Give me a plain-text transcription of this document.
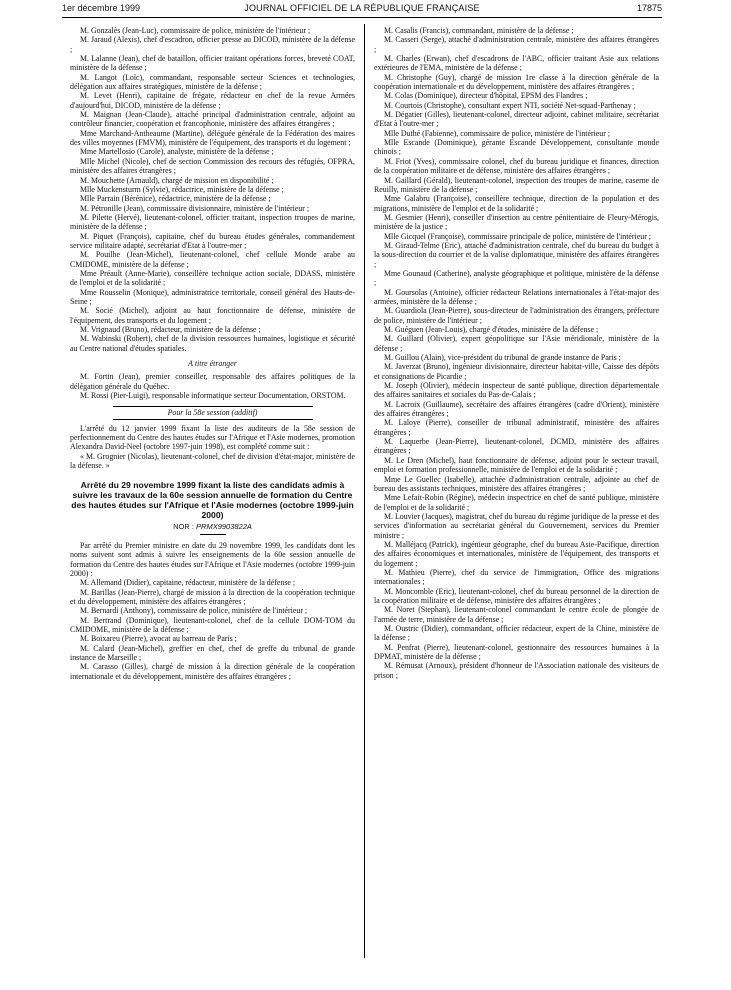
1er décembre 1999	JOURNAL OFFICIEL DE LA RÉPUBLIQUE FRANÇAISE	17875
M. Gonzalès (Jean-Luc), commissaire de police, ministère de l'intérieur ;
M. Jaraud (Alexis), chef d'escadron, officier presse au DICOD, ministère de la défense ;
M. Lalanne (Jean), chef de bataillon, officier traitant opérations forces, breveté COAT, ministère de la défense ;
M. Langot (Loïc), commandant, responsable secteur Sciences et technologies, délégation aux affaires stratégiques, ministère de la défense ;
M. Levet (Henri), capitaine de frégate, rédacteur en chef de la revue Armées d'aujourd'hui, DICOD, ministère de la défense ;
M. Maignan (Jean-Claude), attaché principal d'administration centrale, adjoint au contrôleur financier, coopération et francophonie, ministère des affaires étrangères ;
Mme Marchand-Antheaume (Martine), déléguée générale de la Fédération des maires des villes moyennes (FMVM), ministère de l'équipement, des transports et du logement ;
Mme Martellosio (Carole), analyste, ministère de la défense ;
Mlle Michel (Nicole), chef de section Commission des recours des réfugiés, OFPRA, ministère des affaires étrangères ;
M. Mouchette (Arnauld), chargé de mission en disponibilité ;
Mlle Muckensturm (Sylvie), rédactrice, ministère de la défense ;
Mlle Parrain (Bérénice), rédactrice, ministère de la défense ;
M. Pétronille (Jean), commissaire divisionnaire, ministère de l'intérieur ;
M. Pilette (Hervé), lieutenant-colonel, officier traitant, inspection troupes de marine, ministère de la défense ;
M. Piquet (François), capitaine, chef du bureau études générales, commandement service militaire adapté, secrétariat d'Etat à l'outre-mer ;
M. Pouilhe (Jean-Michel), lieutenant-colonel, chef cellule Monde arabe au CMIDOME, ministère de la défense ;
Mme Préault (Anne-Marie), conseillère technique action sociale, DDASS, ministère de l'emploi et de la solidarité ;
Mme Rousselin (Monique), administratrice territoriale, conseil général des Hauts-de-Seine ;
M. Socié (Michel), adjoint au haut fonctionnaire de défense, ministère de l'équipement, des transports et du logement ;
M. Vrignaud (Bruno), rédacteur, ministère de la défense ;
M. Wabinski (Robert), chef de la division ressources humaines, logistique et sécurité au Centre national d'études spatiales.
A titre étranger
M. Fortin (Jean), premier conseiller, responsable des affaires politiques de la délégation générale du Québec.
M. Rossi (Pier-Luigi), responsable informatique secteur Documentation, ORSTOM.
Pour la 58e session (additif)
L'arrêté du 12 janvier 1999 fixant la liste des auditeurs de la 58e session de perfectionnement du Centre des hautes études sur l'Afrique et l'Asie modernes, promotion Alexandra David-Neel (octobre 1997-juin 1998), est complété comme suit :
« M. Grognier (Nicolas), lieutenant-colonel, chef de division d'état-major, ministère de la défense. »
Arrêté du 29 novembre 1999 fixant la liste des candidats admis à suivre les travaux de la 60e session annuelle de formation du Centre des hautes études sur l'Afrique et l'Asie modernes (octobre 1999-juin 2000)
NOR : PRMX9903822A
Par arrêté du Premier ministre en date du 29 novembre 1999, les candidats dont les noms suivent sont admis à suivre les enseignements de la 60e session annuelle de formation du Centre des hautes études sur l'Afrique et l'Asie modernes (octobre 1999-juin 2000) :
M. Allemand (Didier), capitaine, rédacteur, ministère de la défense ;
M. Barillas (Jean-Pierre), chargé de mission à la direction de la coopération technique et du développement, ministère des affaires étrangères ;
M. Bernardi (Anthony), commissaire de police, ministère de l'intérieur ;
M. Bertrand (Dominique), lieutenant-colonel, chef de la cellule DOM-TOM du CMIDOME, ministère de la défense ;
M. Boixareu (Pierre), avocat au barreau de Paris ;
M. Calard (Jean-Michel), greffier en chef, chef de greffe du tribunal de grande instance de Marseille ;
M. Carasso (Gilles), chargé de mission à la direction générale de la coopération internationale et du développement, ministère des affaires étrangères ;
M. Casalis (Francis), commandant, ministère de la défense ;
M. Casseri (Serge), attaché d'administration centrale, ministère des affaires étrangères ;
M. Charles (Erwan), chef d'escadrons de l'ABC, officier traitant Asie aux relations extérieures de l'EMA, ministère de la défense ;
M. Christophe (Guy), chargé de mission 1re classe à la direction générale de la coopération internationale et du développement, ministère des affaires étrangères ;
M. Colas (Dominique), directeur d'hôpital, EPSM des Flandres ;
M. Courtois (Christophe), consultant expert NTI, société Net-squad-Parthenay ;
M. Dégatier (Gilles), lieutenant-colonel, directeur adjoint, cabinet militaire, secrétariat d'Etat à l'outre-mer ;
Mlle Duthé (Fabienne), commissaire de police, ministère de l'intérieur ;
Mlle Escande (Dominique), gérante Escande Développement, consultante monde chinois ;
M. Friot (Yves), commissaire colonel, chef du bureau juridique et finances, direction de la coopération militaire et de défense, ministère des affaires étrangères ;
M. Gaillard (Gérald), lieutenant-colonel, inspection des troupes de marine, caserne de Reuilly, ministère de la défense ;
Mme Galabru (Françoise), conseillère technique, direction de la population et des migrations, ministère de l'emploi et de la solidarité ;
M. Gesmier (Henri), conseiller d'insertion au centre pénitentiaire de Fleury-Mérogis, ministère de la justice ;
Mlle Gicquel (Françoise), commissaire principale de police, ministère de l'intérieur ;
M. Giraud-Telme (Eric), attaché d'administration centrale, chef du bureau du budget à la sous-direction du courrier et de la valise diplomatique, ministère des affaires étrangères ;
Mme Gounaud (Catherine), analyste géographique et politique, ministère de la défense ;
M. Goursolas (Antoine), officier rédacteur Relations internationales à l'état-major des armées, ministère de la défense ;
M. Guardiola (Jean-Pierre), sous-directeur de l'administration des étrangers, préfecture de police, ministère de l'intérieur ;
M. Guéguen (Jean-Louis), chargé d'études, ministère de la défense ;
M. Guillard (Olivier), expert géopolitique sur l'Asie méridionale, ministère de la défense ;
M. Guillou (Alain), vice-président du tribunal de grande instance de Paris ;
M. Javerzat (Bruno), ingénieur divisionnaire, directeur habitat-ville, Caisse des dépôts et consignations de Picardie ;
M. Joseph (Olivier), médecin inspecteur de santé publique, direction départementale des affaires sanitaires et sociales du Pas-de-Calais ;
M. Lacroix (Guillaume), secrétaire des affaires étrangères (cadre d'Orient), ministère des affaires étrangères ;
M. Laloye (Pierre), conseiller de tribunal administratif, ministère des affaires étrangères ;
M. Laquerbe (Jean-Pierre), lieutenant-colonel, DCMD, ministère des affaires étrangères ;
M. Le Dren (Michel), haut fonctionnaire de défense, adjoint pour le secteur travail, emploi et formation professionnelle, ministère de l'emploi et de la solidarité ;
Mme Le Guellec (Isabelle), attachée d'administration centrale, adjointe au chef de bureau des assistants techniques, ministère des affaires étrangères ;
Mme Lefait-Robin (Régine), médecin inspectrice en chef de santé publique, ministère de l'emploi et de la solidarité ;
M. Louvier (Jacques), magistrat, chef du bureau du régime juridique de la presse et des services d'information au secrétariat général du Gouvernement, services du Premier ministre ;
M. Malléjacq (Patrick), ingénieur géographe, chef du bureau Asie-Pacifique, direction des affaires économiques et internationales, ministère de l'équipement, des transports et du logement ;
M. Mathieu (Pierre), chef du service de l'immigration, Office des migrations internationales ;
M. Moncomble (Eric), lieutenant-colonel, chef du bureau personnel de la direction de la coopération militaire et de défense, ministère des affaires étrangères ;
M. Noret (Stephan), lieutenant-colonel commandant le centre école de plongée de l'armée de terre, ministère de la défense ;
M. Oustric (Didier), commandant, officier rédacteur, expert de la Chine, ministère de la défense ;
M. Penfrat (Pierre), lieutenant-colonel, gestionnaire des ressources humaines à la DPMAT, ministère de la défense ;
M. Rémusat (Arnoux), président d'honneur de l'Association nationale des visiteurs de prison ;
